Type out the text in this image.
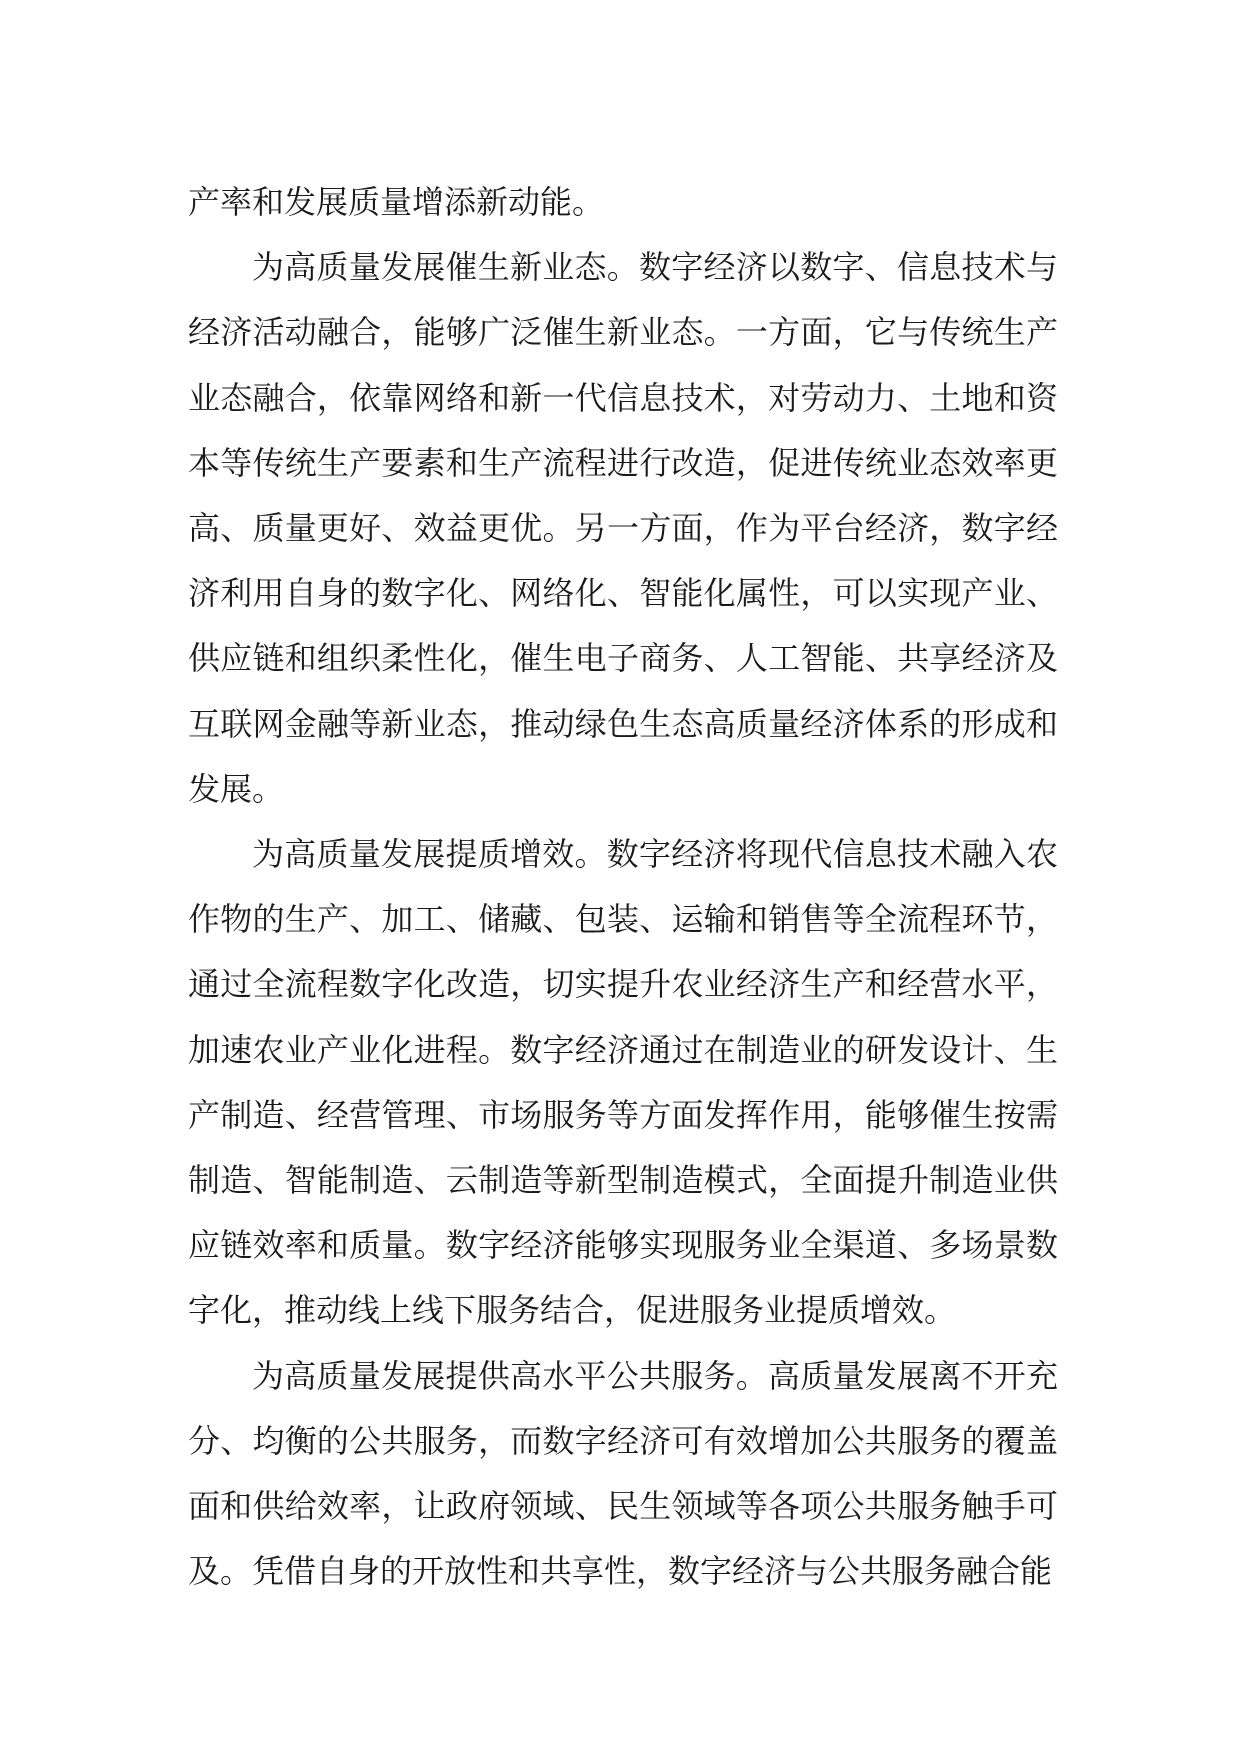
产率和发展质量增添新动能。

为高质量发展催生新业态。数字经济以数字、信息技术与经济活动融合，能够广泛催生新业态。一方面，它与传统生产业态融合，依靠网络和新一代信息技术，对劳动力、土地和资本等传统生产要素和生产流程进行改造，促进传统业态效率更高、质量更好、效益更优。另一方面，作为平台经济，数字经济利用自身的数字化、网络化、智能化属性，可以实现产业、供应链和组织柔性化，催生电子商务、人工智能、共享经济及互联网金融等新业态，推动绿色生态高质量经济体系的形成和发展。

为高质量发展提质增效。数字经济将现代信息技术融入农作物的生产、加工、储藏、包装、运输和销售等全流程环节，通过全流程数字化改造，切实提升农业经济生产和经营水平，加速农业产业化进程。数字经济通过在制造业的研发设计、生产制造、经营管理、市场服务等方面发挥作用，能够催生按需制造、智能制造、云制造等新型制造模式，全面提升制造业供应链效率和质量。数字经济能够实现服务业全渠道、多场景数字化，推动线上线下服务结合，促进服务业提质增效。

为高质量发展提供高水平公共服务。高质量发展离不开充分、均衡的公共服务，而数字经济可有效增加公共服务的覆盖面和供给效率，让政府领域、民生领域等各项公共服务触手可及。凭借自身的开放性和共享性，数字经济与公共服务融合能
